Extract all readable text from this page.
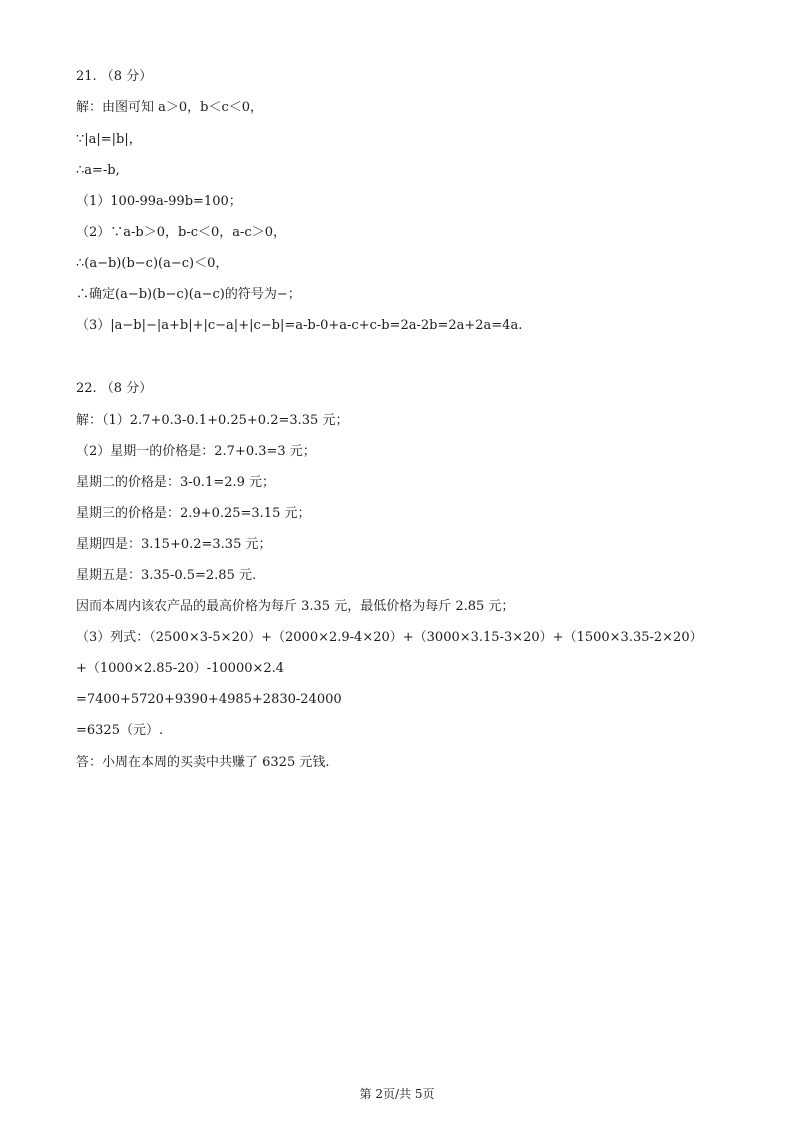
21. （8 分）
解：由图可知 a＞0，b＜c＜0，
∵|a|=|b|，
∴a=-b,
（1）100-99a-99b=100；
（2）∵a-b＞0，b-c＜0，a-c＞0，
∴(a−b)(b−c)(a−c)＜0，
∴确定(a−b)(b−c)(a−c)的符号为−；
（3）|a−b|−|a+b|+|c−a|+|c−b|=a-b-0+a-c+c-b=2a-2b=2a+2a=4a.
22. （8 分）
解：（1）2.7+0.3-0.1+0.25+0.2=3.35 元；
（2）星期一的价格是：2.7+0.3=3 元；
星期二的价格是：3-0.1=2.9 元；
星期三的价格是：2.9+0.25=3.15 元；
星期四是：3.15+0.2=3.35 元；
星期五是：3.35-0.5=2.85 元.
因而本周内该农产品的最高价格为每斤 3.35 元，最低价格为每斤 2.85 元；
（3）列式：（2500×3-5×20）+（2000×2.9-4×20）+（3000×3.15-3×20）+（1500×3.35-2×20）
+（1000×2.85-20）-10000×2.4
=7400+5720+9390+4985+2830-24000
=6325（元）.
答：小周在本周的买卖中共赚了 6325 元钱.
第 2页/共 5页
